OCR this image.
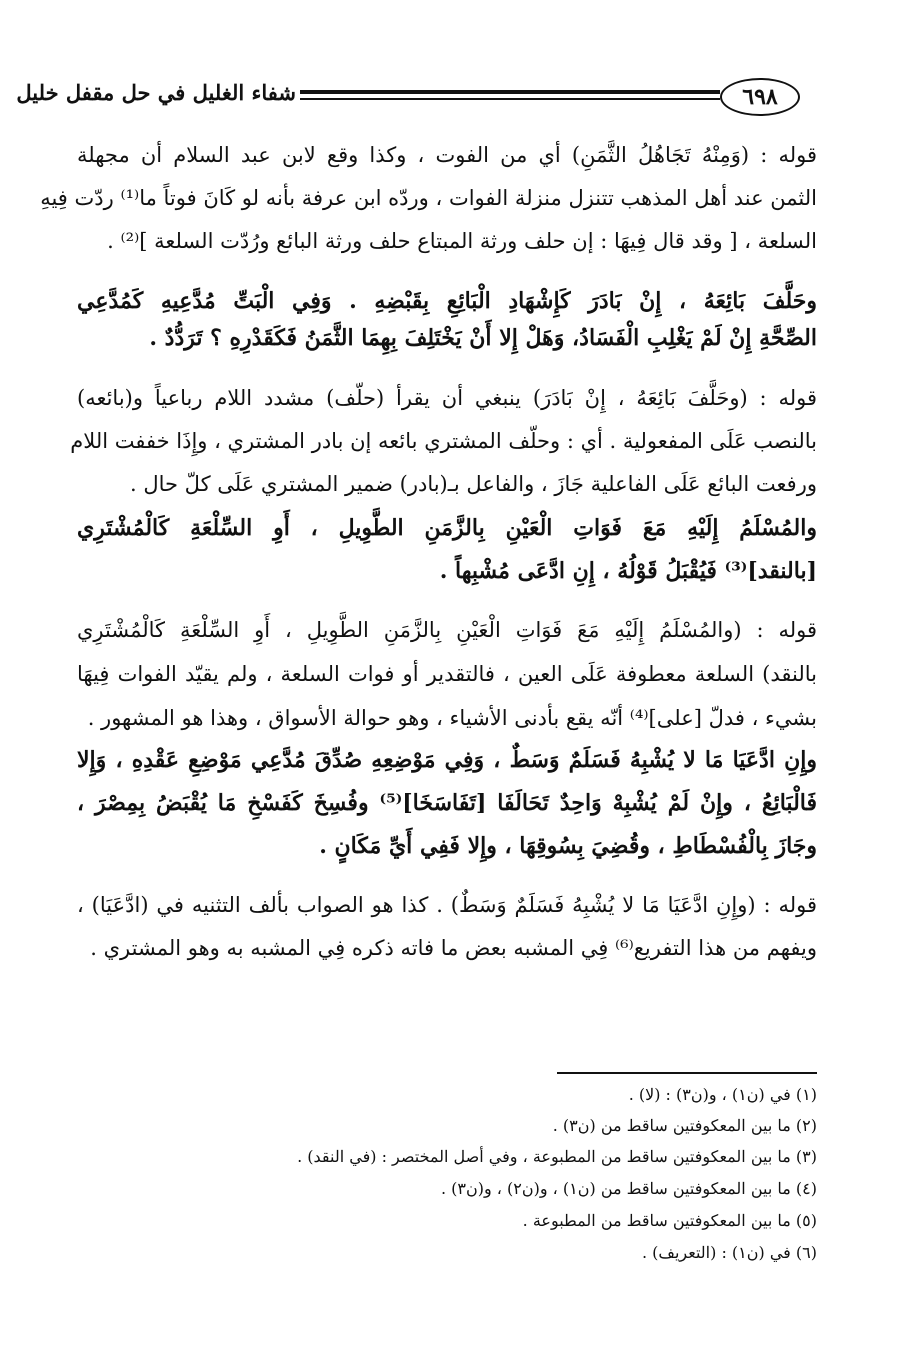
٦٩٨
شفاء الغليل في حل مقفل خليل
قوله : (وَمِنْهُ تَجَاهُلُ الثَّمَنِ) أي من الفوت ، وكذا وقع لابن عبد السلام أن مجهلة
الثمن عند أهل المذهب تتنزل منزلة الفوات ، وردّه ابن عرفة بأنه لو كَانَ فوتاً ما⁽¹⁾ ردّت فِيهِ
السلعة ، [ وقد قال فِيهَا : إن حلف ورثة المبتاع حلف ورثة البائع ورُدّت السلعة ]⁽²⁾ .
وحَلَّفَ بَائِعَهُ ، إِنْ بَادَرَ كَإِشْهَادِ الْبَائِعِ بِقَبْضِهِ . وَفِي الْبَتِّ مُدَّعِيهِ كَمُدَّعِي
الصِّحَّةِ إِنْ لَمْ يَغْلِبِ الْفَسَادُ، وَهَلْ إِلا أَنْ يَخْتَلِفَ بِهِمَا الثَّمَنُ فَكَقَدْرِهِ ؟ تَرَدُّدٌ .
قوله : (وحَلَّفَ بَائِعَهُ ، إِنْ بَادَرَ) ينبغي أن يقرأ (حلّف) مشدد اللام رباعياً و(بائعه)
بالنصب عَلَى المفعولية . أي : وحلّف المشتري بائعه إن بادر المشتري ، وإِذَا خففت اللام
ورفعت البائع عَلَى الفاعلية جَازَ ، والفاعل بـ(بادر) ضمير المشتري عَلَى كلّ حال .
والمُسْلَمُ إِلَيْهِ مَعَ فَوَاتِ الْعَيْنِ بِالزَّمَنِ الطَّوِيلِ ، أَوِ السِّلْعَةِ كَالْمُشْتَرِي
[بالنقد]⁽³⁾ فَيُقْبَلُ قَوْلُهُ ، إِنِ ادَّعَى مُشْبِهاً .
قوله : (والمُسْلَمُ إِلَيْهِ مَعَ فَوَاتِ الْعَيْنِ بِالزَّمَنِ الطَّوِيلِ ، أَوِ السِّلْعَةِ كَالْمُشْتَرِي
بالنقد) السلعة معطوفة عَلَى العين ، فالتقدير أو فوات السلعة ، ولم يقيّد الفوات فِيهَا
بشيء ، فدلّ [على]⁽⁴⁾ أنّه يقع بأدنى الأشياء ، وهو حوالة الأسواق ، وهذا هو المشهور .
وإِنِ ادَّعَيَا مَا لا يُشْبِهُ فَسَلَمٌ وَسَطٌ ، وَفِي مَوْضِعِهِ صُدِّقَ مُدَّعِي مَوْضِعِ عَقْدِهِ ، وَإِلا
فَالْبَائِعُ ، وإِنْ لَمْ يُشْبِهْ وَاحِدٌ تَحَالَفَا [تَفَاسَخَا]⁽⁵⁾ وفُسِخَ كَفَسْخِ مَا يُقْبَضُ بِمِصْرَ ،
وجَازَ بِالْفُسْطَاطِ ، وقُضِيَ بِسُوقِهَا ، وإِلا فَفِي أَيِّ مَكَانٍ .
قوله : (وإِنِ ادَّعَيَا مَا لا يُشْبِهُ فَسَلَمٌ وَسَطٌ) . كذا هو الصواب بألف التثنيه في (ادَّعَيَا) ،
ويفهم من هذا التفريع⁽⁶⁾ فِي المشبه بعض ما فاته ذكره فِي المشبه به وهو المشتري .
(١) في (ن١) ، و(ن٣) : (لا) .
(٢) ما بين المعكوفتين ساقط من (ن٣) .
(٣) ما بين المعكوفتين ساقط من المطبوعة ، وفي أصل المختصر : (في النقد) .
(٤) ما بين المعكوفتين ساقط من (ن١) ، و(ن٢) ، و(ن٣) .
(٥) ما بين المعكوفتين ساقط من المطبوعة .
(٦) في (ن١) : (التعريف) .
